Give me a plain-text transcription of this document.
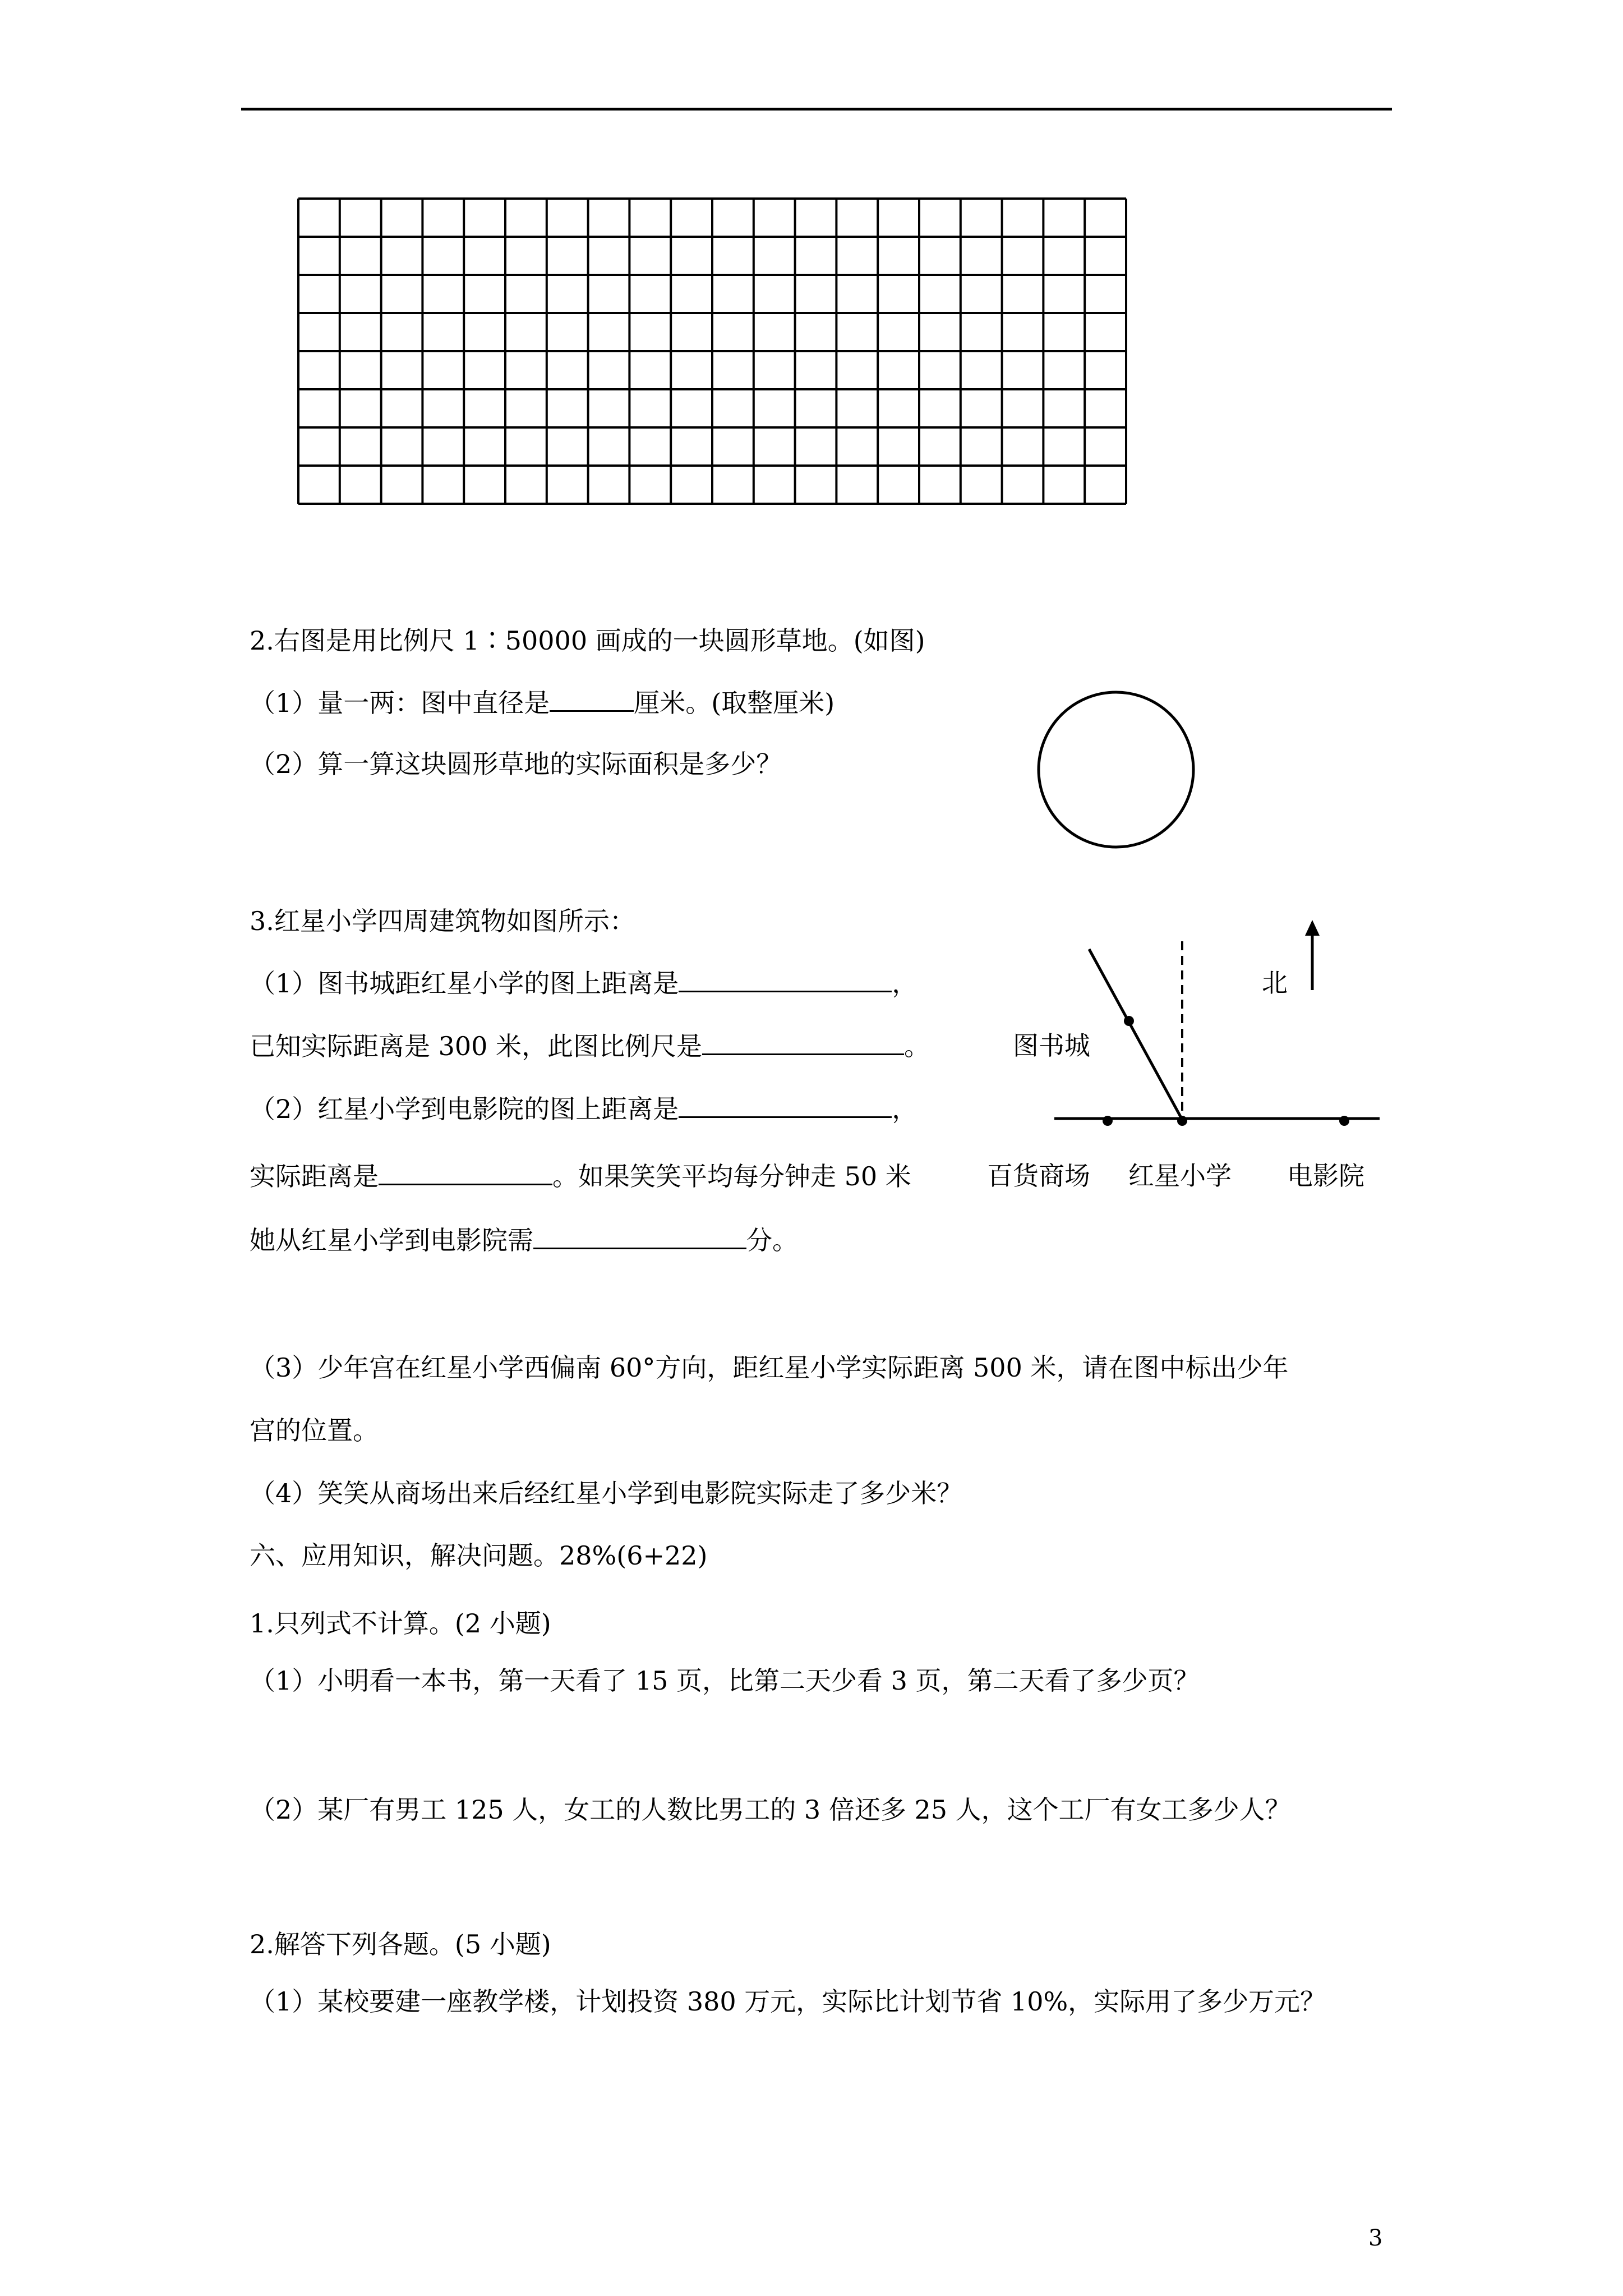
2.右图是用比例尺 1∶50000 画成的一块圆形草地。(如图)
（1）量一两：图中直径是	厘米。(取整厘米)
（2）算一算这块圆形草地的实际面积是多少？
3.红星小学四周建筑物如图所示：
（1）图书城距红星小学的图上距离是	，
已知实际距离是 300 米，此图比例尺是	。
（2）红星小学到电影院的图上距离是	，
实际距离是	。如果笑笑平均每分钟走 50 米
她从红星小学到电影院需	分。
北
图书城
百货商场 红星小学 电影院
（3）少年宫在红星小学西偏南 60°方向，距红星小学实际距离 500 米，请在图中标出少年
宫的位置。
（4）笑笑从商场出来后经红星小学到电影院实际走了多少米？
六、应用知识，解决问题。28%(6+22)
1.只列式不计算。(2 小题)
（1）小明看一本书，第一天看了 15 页，比第二天少看 3 页，第二天看了多少页？
（2）某厂有男工 125 人，女工的人数比男工的 3 倍还多 25 人，这个工厂有女工多少人？
2.解答下列各题。(5 小题)
（1）某校要建一座教学楼，计划投资 380 万元，实际比计划节省 10%，实际用了多少万元？
3
